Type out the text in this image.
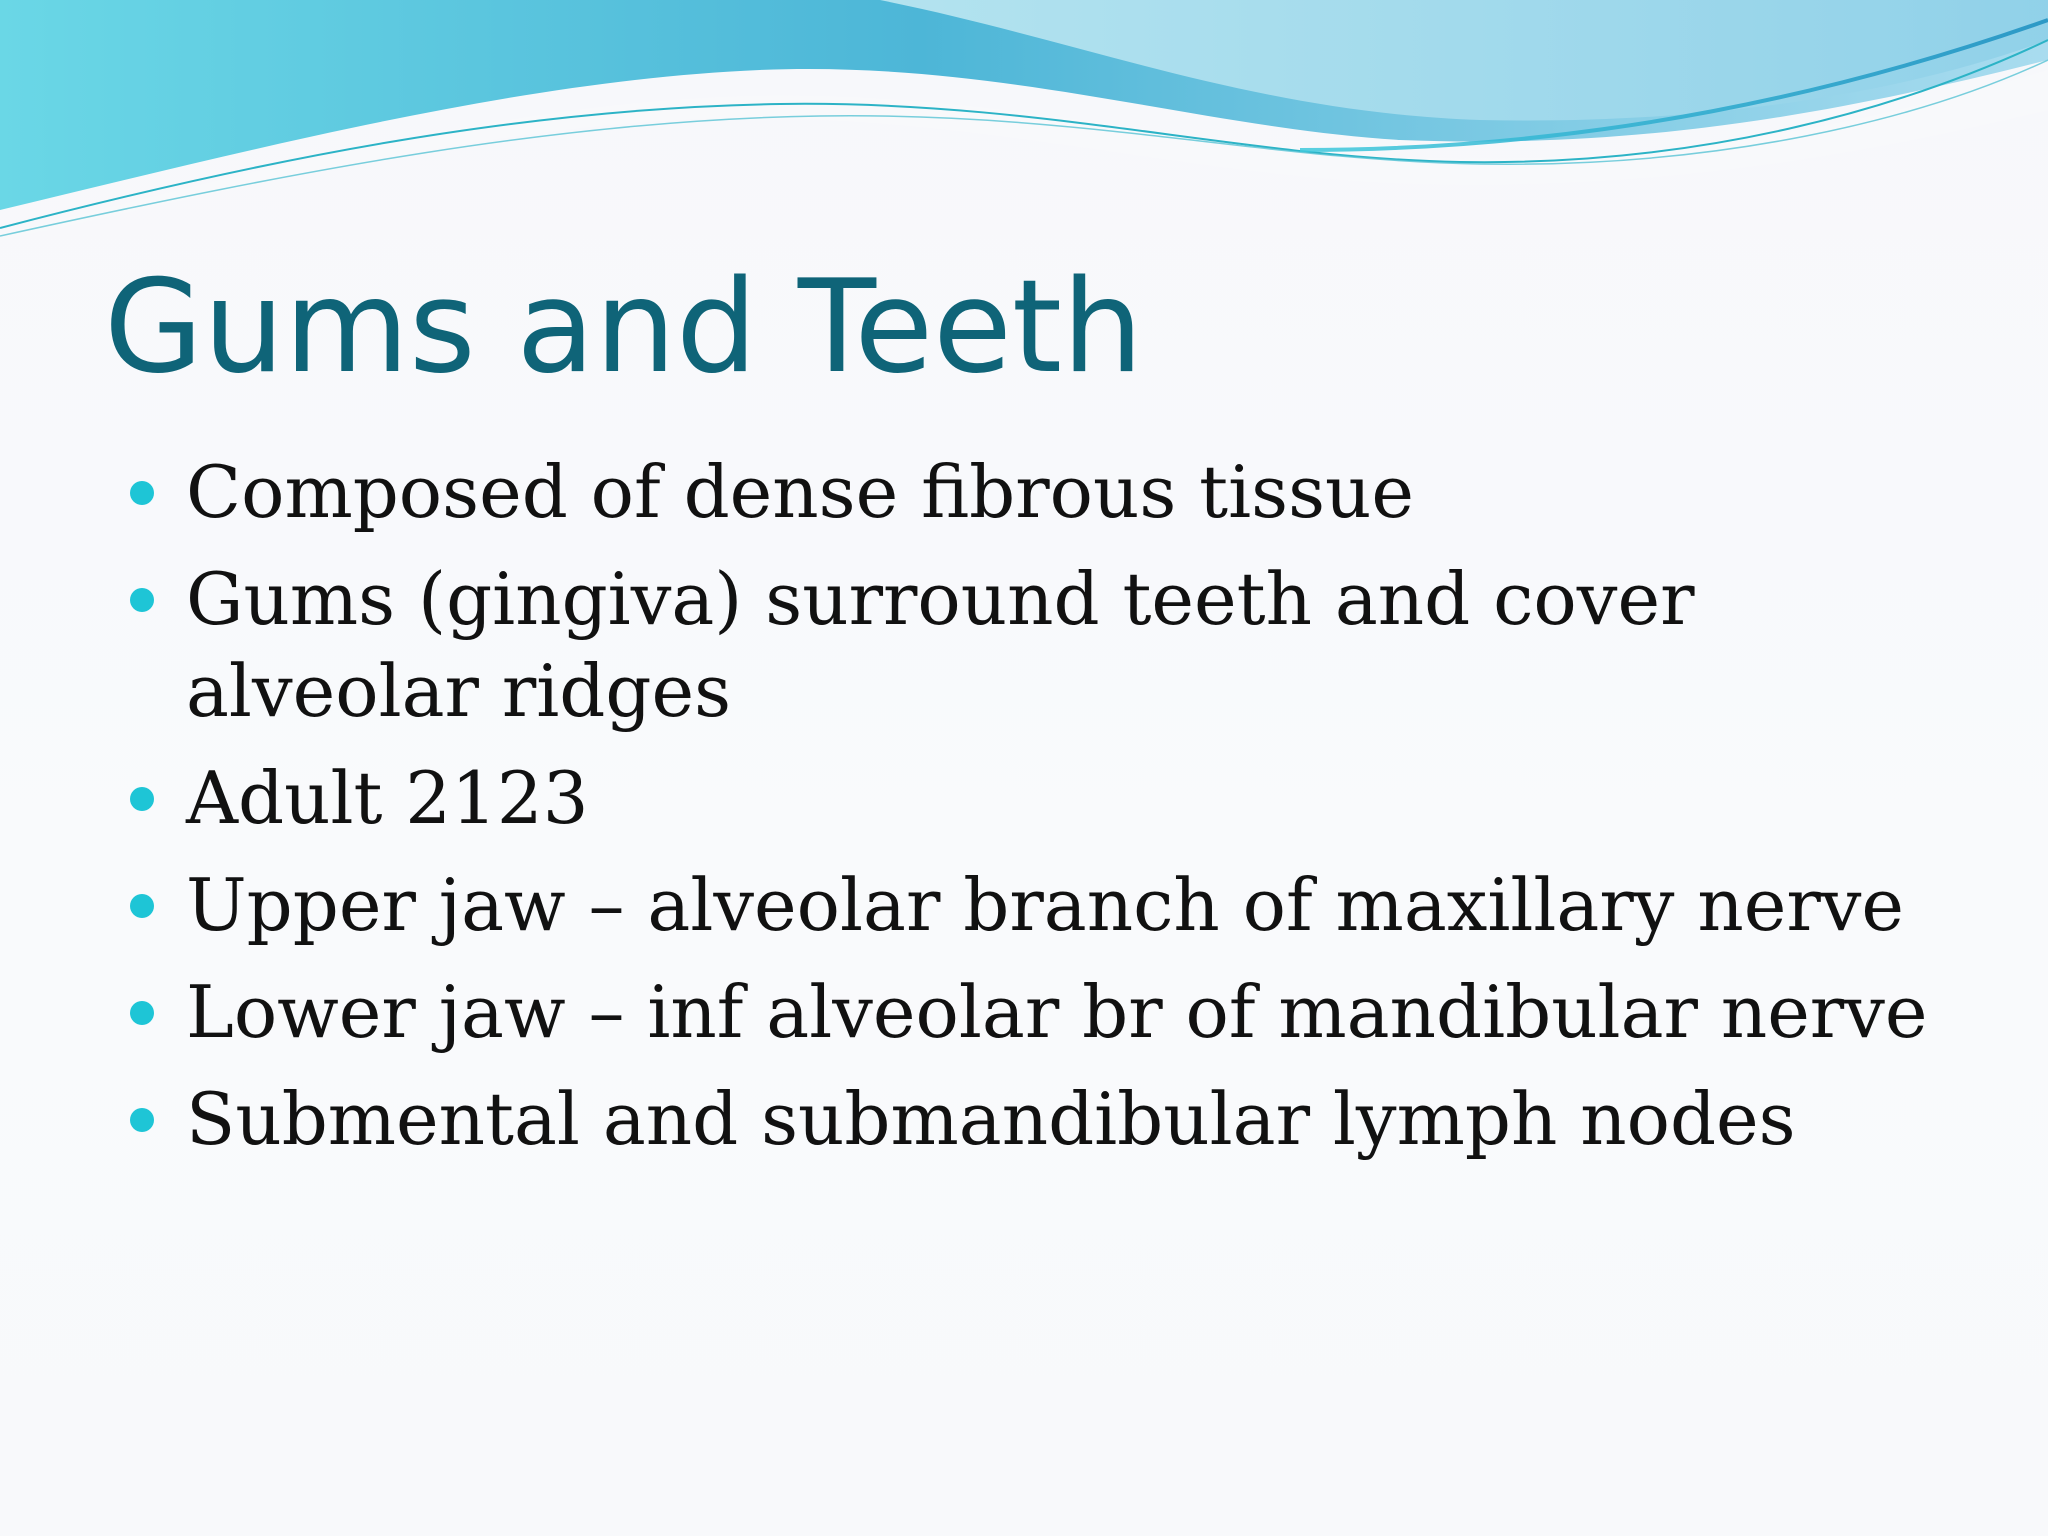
Gums and Teeth
Composed of dense fibrous tissue
Gums (gingiva) surround teeth and cover alveolar ridges
Adult 2123
Upper jaw – alveolar branch of maxillary nerve
Lower jaw – inf alveolar br of mandibular nerve
Submental and submandibular lymph nodes
